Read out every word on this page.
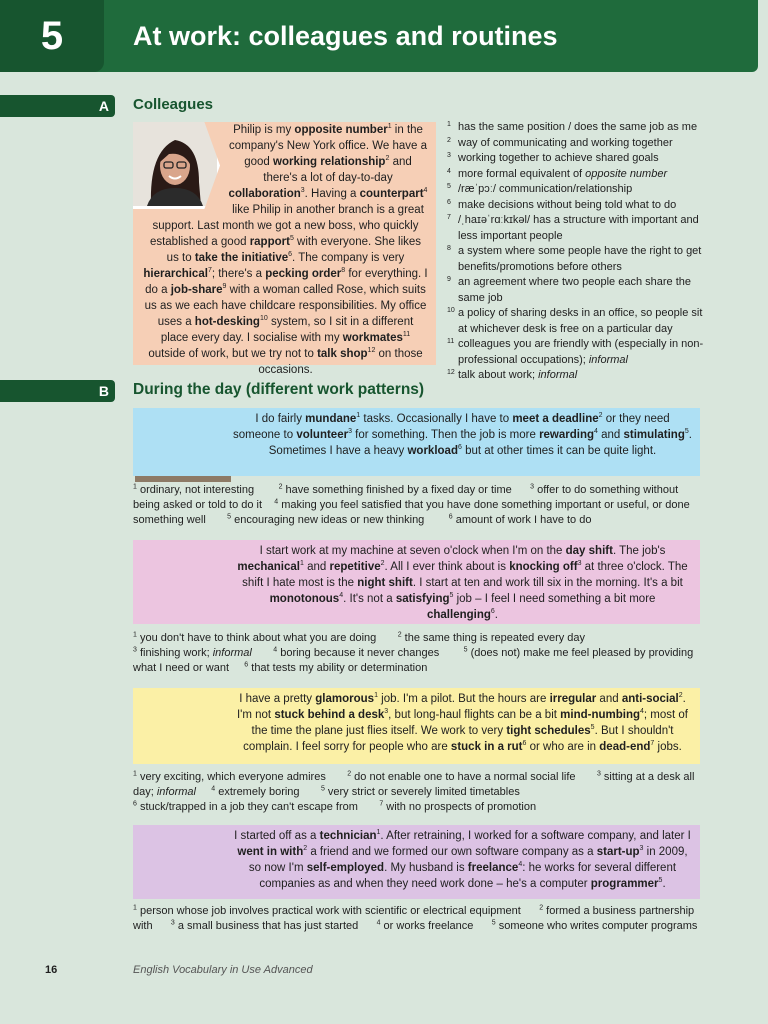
5	At work: colleagues and routines
A Colleagues
Philip is my opposite number$^1$ in the company's New York office. We have a good working relationship$^2$ and there's a lot of day-to-day collaboration$^3$. Having a counterpart$^4$ like Philip in another branch is a great support. Last month we got a new boss, who quickly established a good rapport$^5$ with everyone. She likes us to take the initiative$^6$. The company is very hierarchical$^7$; there's a pecking order$^8$ for everything. I do a job-share$^9$ with a woman called Rose, which suits us as we each have childcare responsibilities. My office uses a hot-desking$^{10}$ system, so I sit in a different place every day. I socialise with my workmates$^{11}$ outside of work, but we try not to talk shop$^{12}$ on those occasions.
1 has the same position / does the same job as me
2 way of communicating and working together
3 working together to achieve shared goals
4 more formal equivalent of opposite number
5 /ræˈpɔː/ communication/relationship
6 make decisions without being told what to do
7 /ˌhaɪəˈrɑːkɪkəl/ has a structure with important and less important people
8 a system where some people have the right to get benefits/promotions before others
9 an agreement where two people each share the same job
10 a policy of sharing desks in an office, so people sit at whichever desk is free on a particular day
11 colleagues you are friendly with (especially in non-professional occupations); informal
12 talk about work; informal
B During the day (different work patterns)
I do fairly mundane$^1$ tasks. Occasionally I have to meet a deadline$^2$ or they need someone to volunteer$^3$ for something. Then the job is more rewarding$^4$ and stimulating$^5$. Sometimes I have a heavy workload$^6$ but at other times it can be quite light.
$^1$ ordinary, not interesting        $^2$ have something finished by a fixed day or time      $^3$ offer to do something without being asked or told to do it    $^4$ making you feel satisfied that you have done something important or useful, or done something well       $^5$ encouraging new ideas or new thinking        $^6$ amount of work I have to do
I start work at my machine at seven o'clock when I'm on the day shift. The job's mechanical$^1$ and repetitive$^2$. All I ever think about is knocking off$^3$ at three o'clock. The shift I hate most is the night shift. I start at ten and work till six in the morning. It's a bit monotonous$^4$. It's not a satisfying$^5$ job – I feel I need something a bit more challenging$^6$.
$^1$ you don't have to think about what you are doing       $^2$ the same thing is repeated every day
$^3$ finishing work; informal	$^4$ boring because it never changes        $^5$ (does not) make me feel pleased by providing what I need or want     $^6$ that tests my ability or determination
I have a pretty glamorous$^1$ job. I'm a pilot. But the hours are irregular and anti-social$^2$. I'm not stuck behind a desk$^3$, but long-haul flights can be a bit mind-numbing$^4$; most of the time the plane just flies itself. We work to very tight schedules$^5$. But I shouldn't complain. I feel sorry for people who are stuck in a rut$^6$ or who are in dead-end$^7$ jobs.
$^1$ very exciting, which everyone admires       $^2$ do not enable one to have a normal social life       $^3$ sitting at a desk all day; informal $^4$ extremely boring       $^5$ very strict or severely limited timetables
$^6$ stuck/trapped in a job they can't escape from       $^7$ with no prospects of promotion
I started off as a technician$^1$. After retraining, I worked for a software company, and later I went in with$^2$ a friend and we formed our own software company as a start-$up^3$ in 2009, so now I'm self-employed. My husband is freelance$^4$: he works for several different companies as and when they need work done – he's a computer programmer$^5$.
$^1$ person whose job involves practical work with scientific or electrical equipment      $^2$ formed a business partnership with      $^3$ a small business that has just started      $^4$ or works freelance      $^5$ someone who writes computer programs
16	English Vocabulary in Use Advanced
